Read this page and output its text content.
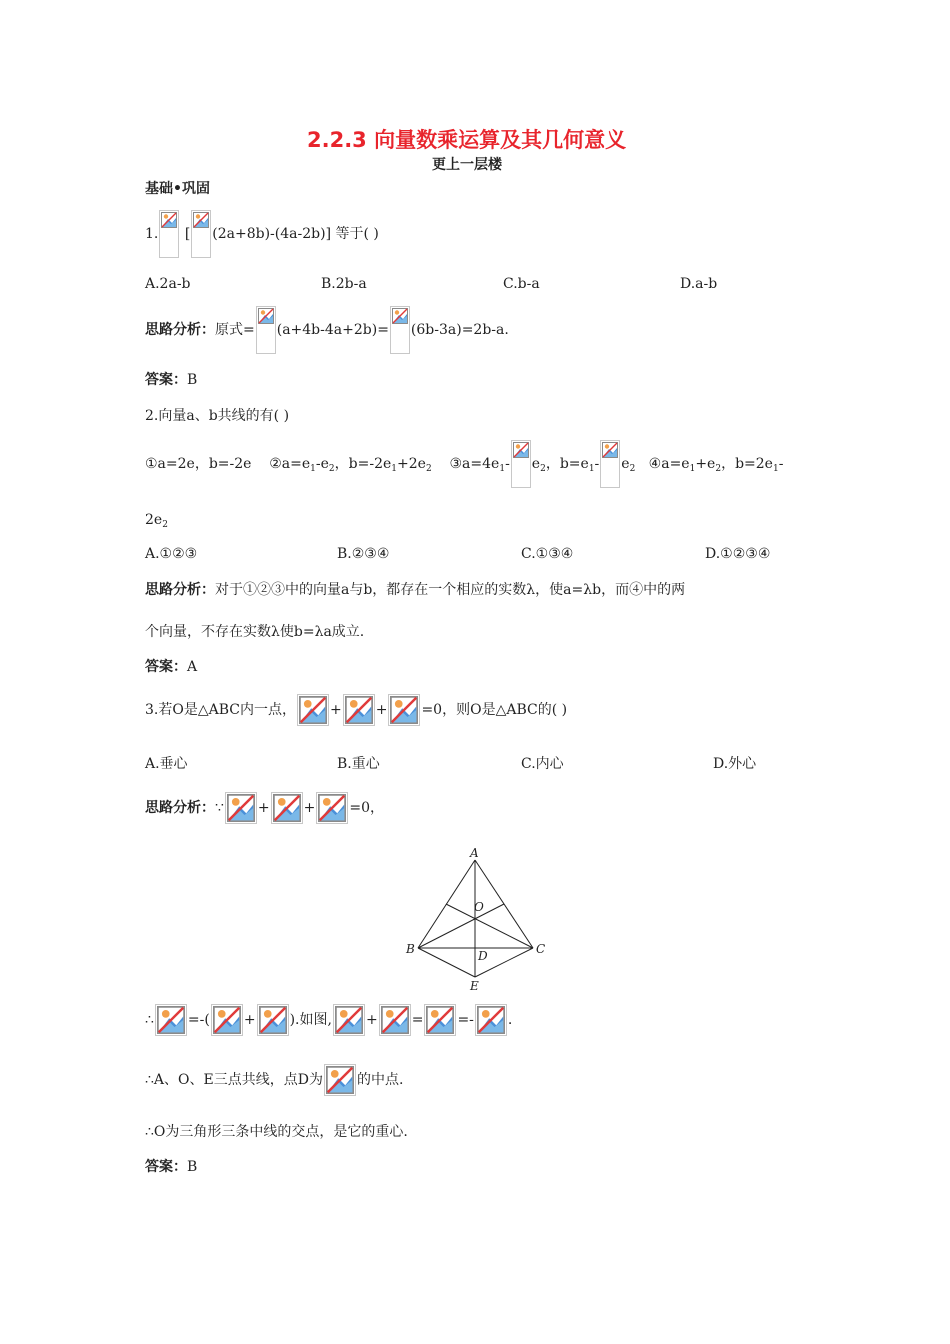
2.2.3 向量数乘运算及其几何意义
更上一层楼
基础•巩固
1. [ (2a+8b)-(4a-2b)] 等于( )
A.2a-b	B.2b-a	C.b-a	D.a-b
思路分析：原式= (a+4b-4a+2b)= (6b-3a)=2b-a.
答案：B
2.向量a、b共线的有( )
①a=2e，b=-2e $②a=e_1-e_2$，$b=-2e_1+2e_2$ $③a=4e_1-$ $e_2$，$b=e_1-$ $e_2$ $④a=e_1+e_2$，$b=2e_1-$
$2e_2$
A.①②③	B.②③④	C.①③④	D.①②③④
思路分析：对于①②③中的向量a与b，都存在一个相应的实数λ，使a=λb，而④中的两
个向量，不存在实数λ使b=λa成立.
答案：A
3.若O是△ABC内一点， + + =0，则O是△ABC的( )
A.垂心	B.重心	C.内心	D.外心
思路分析：∵ + + =0，
A
B	C
D
E
O
∴ =-( + ).如图, + = =- .
∴A、O、E三点共线，点D为 的中点.
∴O为三角形三条中线的交点，是它的重心.
答案：B
